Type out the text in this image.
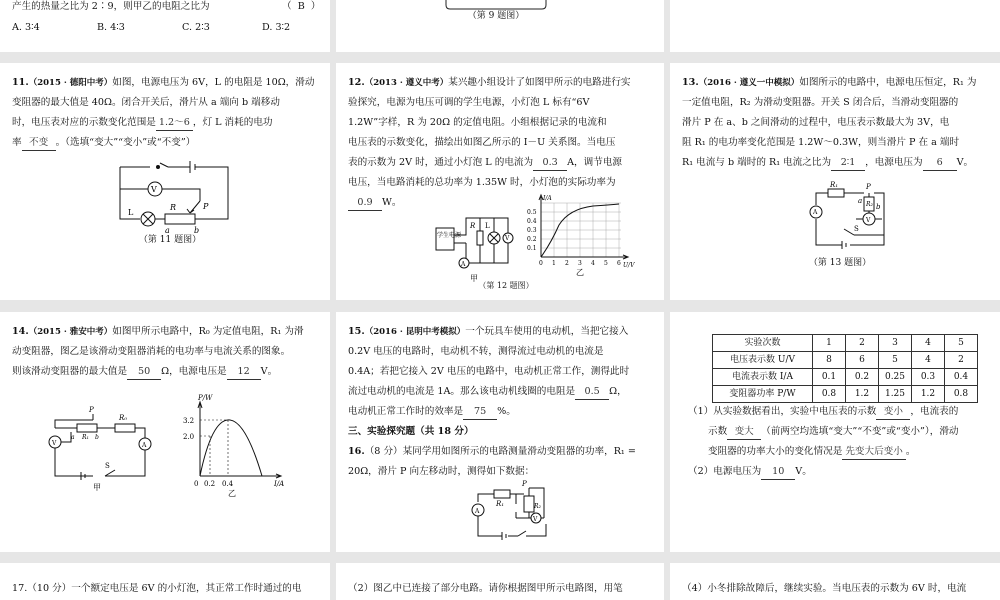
产生的热量之比为 2∶9，则甲乙的电阻之比为	（ B ）
A. 3∶4	B. 4∶3	C. 2∶3	D. 3∶2
（第 9 题图）
11.（2015 · 德阳中考）如图，电源电压为 6V，L 的电阻是 10Ω，滑动
变阻器的最大值是 40Ω。闭合开关后，滑片从 a 端向 b 端移动
时，电压表对应的示数变化范围是 1.2～6 ，灯 L 消耗的电功
率 不变 。（选填“变大”“变小”或“不变”）
V
L
R	P
a	b
（第 11 题图）
12.（2013 · 遵义中考）某兴趣小组设计了如图甲所示的电路进行实
验探究，电源为电压可调的学生电源，小灯泡 L 标有“6V
1.2W”字样，R 为 20Ω 的定值电阻。小组根据记录的电流和
电压表的示数变化，描绘出如图乙所示的 I－U 关系图。当电压
表的示数为 2V 时，通过小灯泡 L 的电流为 0.3 A，调节电源
电压，当电路消耗的总功率为 1.35W 时，小灯泡的实际功率为
0.9 W。
学生电源
R L
V
A
甲
I/A
U/V
0.1
0.2
0.3
0.4
0.5
0 1 2 3 4 5 6
乙
（第 12 题图）
13.（2016 · 遵义一中模拟）如图所示的电路中，电源电压恒定，R₁ 为
一定值电阻，R₂ 为滑动变阻器。开关 S 闭合后，当滑动变阻器的
滑片 P 在 a、b 之间滑动的过程中，电压表示数最大为 3V，电
阻 R₁ 的电功率变化范围是 1.2W～0.3W，则当滑片 P 在 a 端时
R₁ 电流与 b 端时的 R₁ 电流之比为 2∶1 ，电源电压为 6 V。
A
V
R₁
R₂
P
a
b
S
（第 13 题图）
14.（2015 · 雅安中考）如图甲所示电路中，R₀ 为定值电阻，R₁ 为滑
动变阻器，图乙是该滑动变阻器消耗的电功率与电流关系的图象。
则该滑动变阻器的最大值是 50 Ω，电源电压是 12 V。
P
R₀
R₁
a	b
V	A
S
甲
P/W
I/A
3.2
2.0
0 0.2 0.4
乙
15.（2016 · 昆明中考模拟）一个玩具车使用的电动机，当把它接入
0.2V 电压的电路时，电动机不转，测得流过电动机的电流是
0.4A；若把它接入 2V 电压的电路中，电动机正常工作，测得此时
流过电动机的电流是 1A。那么该电动机线圈的电阻是 0.5 Ω，
电动机正常工作时的效率是 75 %。
三、实验探究题（共 18 分）
16.（8 分）某同学用如图所示的电路测量滑动变阻器的功率，R₁ =
20Ω，滑片 P 向左移动时，测得如下数据：
A
V
R₁	R₂
P
实验次数	1	2	3	4	5
电压表示数 U/V	8	6	5	4	2
电流表示数 I/A	0.1	0.2	0.25	0.3	0.4
变阻器功率 P/W	0.8	1.2	1.25	1.2	0.8
（1）从实验数据看出，实验中电压表的示数 变小 ，电流表的
示数 变大 （前两空均选填“变大”“不变”或“变小”），滑动
变阻器的功率大小的变化情况是 先变大后变小 。
（2）电源电压为 10 V。
17.（10 分）一个额定电压是 6V 的小灯泡，其正常工作时通过的电	（2）图乙中已连接了部分电路。请你根据图甲所示电路图，用笔	（4）小冬排除故障后，继续实验。当电压表的示数为 6V 时，电流
